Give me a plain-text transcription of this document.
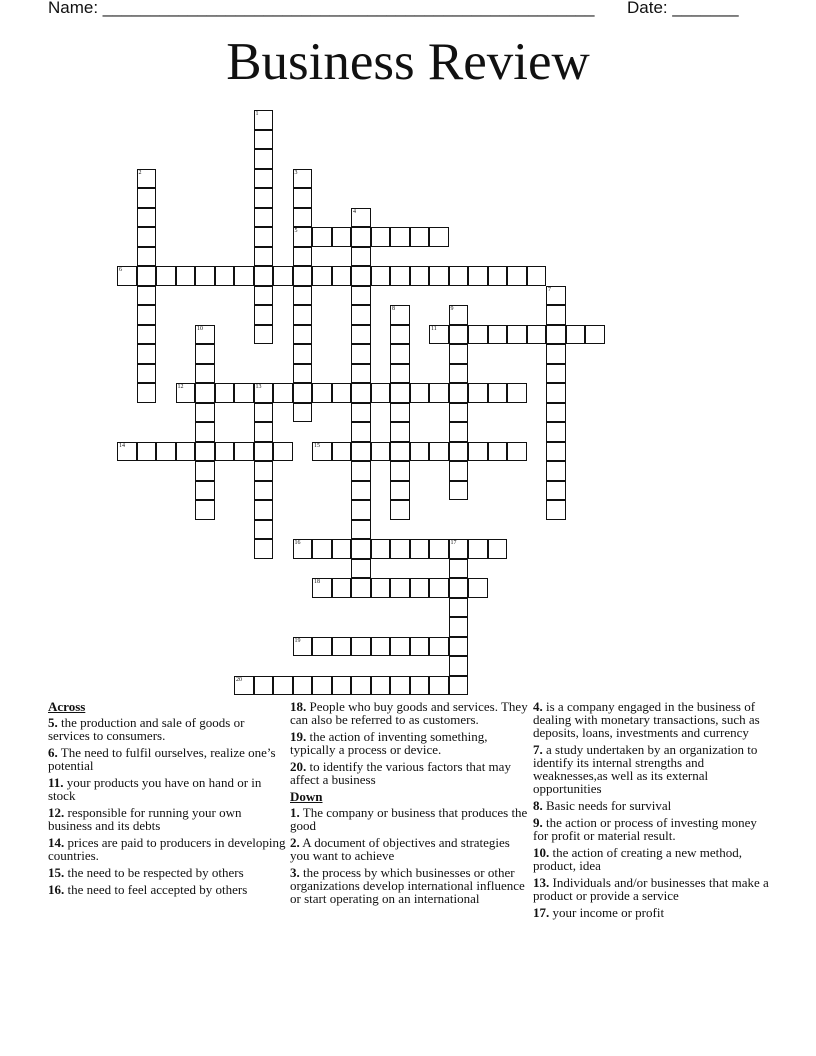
Name: ____________________________________________________ Date: _______
Business Review
1
2	3
5
4
6
7
8	9
10	11
12	13
14	15
16	17
18
19
20
Across
5. the production and sale of goods or services to consumers.
6. The need to fulfil ourselves, realize one’s potential
11. your products you have on hand or in stock
12. responsible for running your own business and its debts
14. prices are paid to producers in developing countries.
15. the need to be respected by others
16. the need to feel accepted by others
18. People who buy goods and services. They can also be referred to as customers.
19. the action of inventing something, typically a process or device.
20. to identify the various factors that may affect a business
Down
1. The company or business that produces the good
2. A document of objectives and strategies you want to achieve
3. the process by which businesses or other organizations develop international influence or start operating on an international
4. is a company engaged in the business of dealing with monetary transactions, such as deposits, loans, investments and currency
7. a study undertaken by an organization to identify its internal strengths and weaknesses,as well as its external opportunities
8. Basic needs for survival
9. the action or process of investing money for profit or material result.
10. the action of creating a new method, product, idea
13. Individuals and/or businesses that make a product or provide a service
17. your income or profit
